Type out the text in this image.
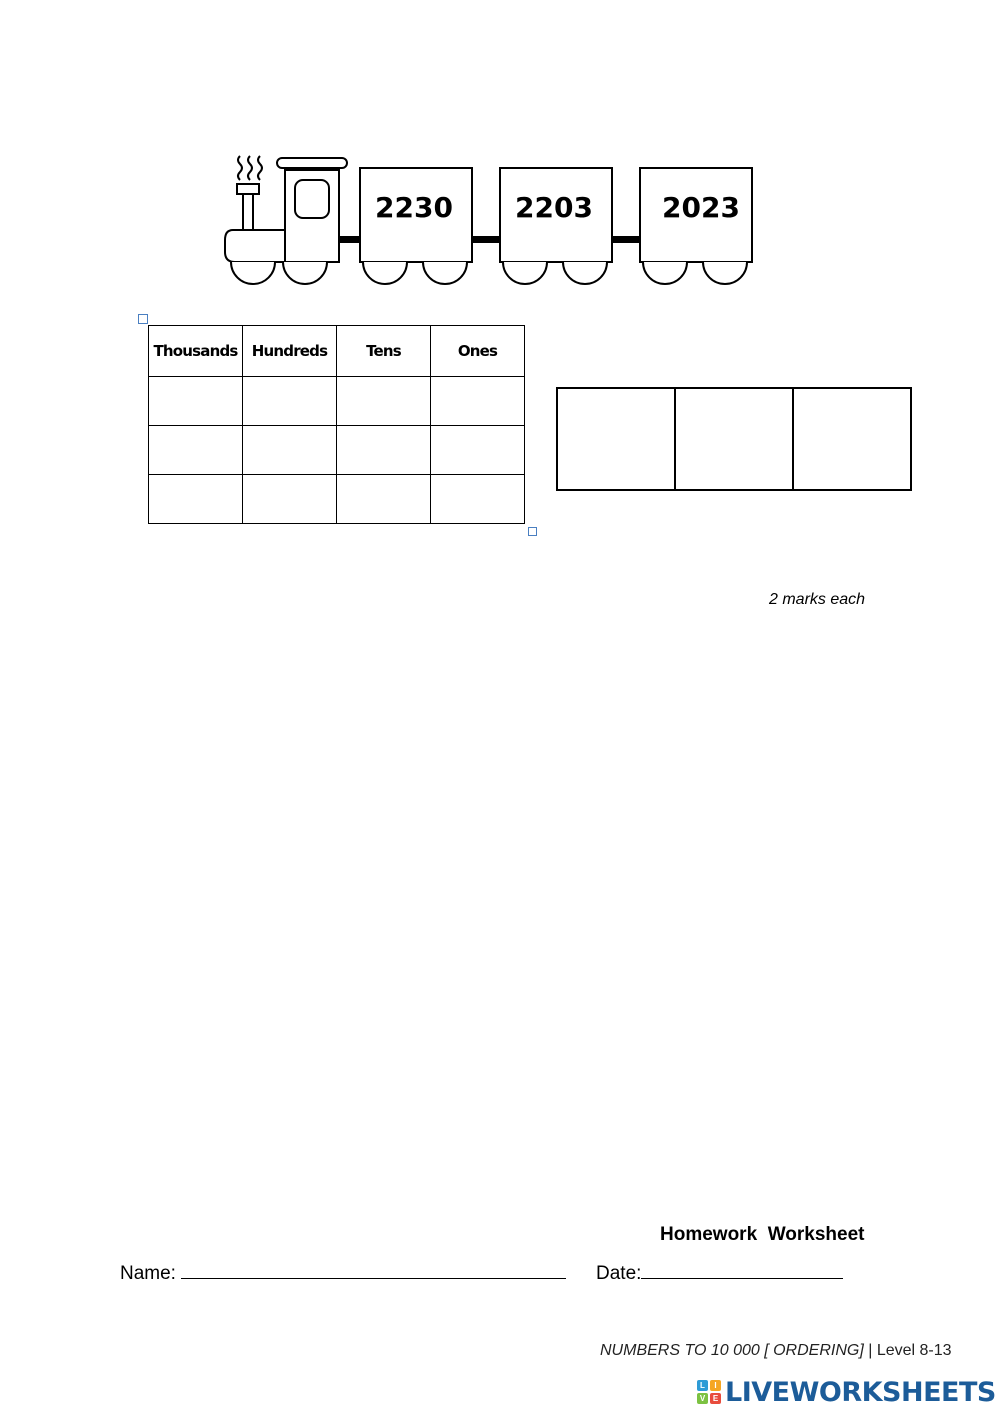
2230 2203 2023
Thousands	Hundreds	Tens	Ones

2 marks each
Homework  Worksheet
Name:	Date:
NUMBERS TO 10 000 [ ORDERING] | Level 8-13
L	I
V E LIVEWORKSHEETS
